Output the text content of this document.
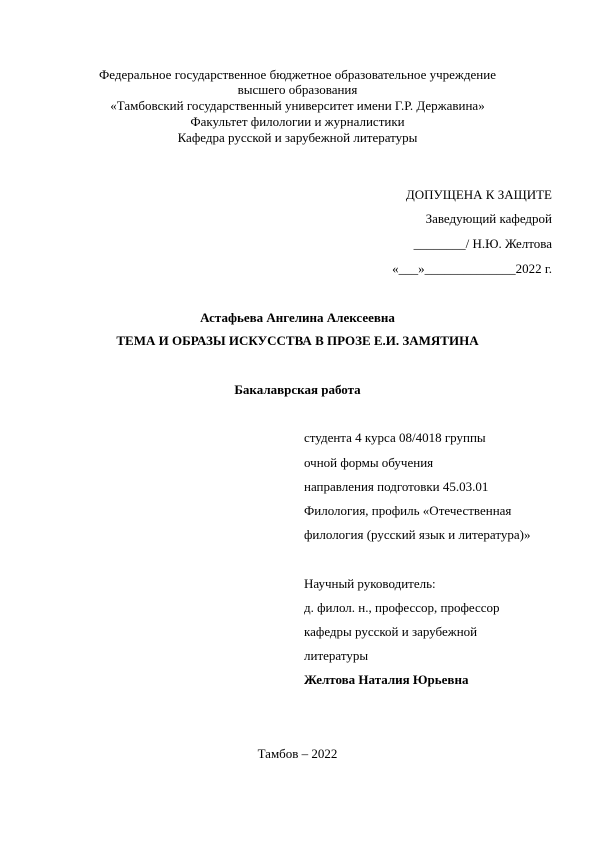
Федеральное государственное бюджетное образовательное учреждение
высшего образования
«Тамбовский государственный университет имени Г.Р. Державина»
Факультет филологии и журналистики
Кафедра русской и зарубежной литературы
ДОПУЩЕНА К ЗАЩИТЕ
Заведующий кафедрой
________/ Н.Ю. Желтова
«___»______________2022 г.
Астафьева Ангелина Алексеевна
ТЕМА И ОБРАЗЫ ИСКУССТВА В ПРОЗЕ Е.И. ЗАМЯТИНА
Бакалаврская работа
студента 4 курса 08/4018 группы
очной формы обучения
направления подготовки 45.03.01
Филология, профиль «Отечественная
филология (русский язык и литература)»
Научный руководитель:
д. филол. н., профессор, профессор
кафедры русской и зарубежной
литературы
Желтова Наталия Юрьевна
Тамбов – 2022
